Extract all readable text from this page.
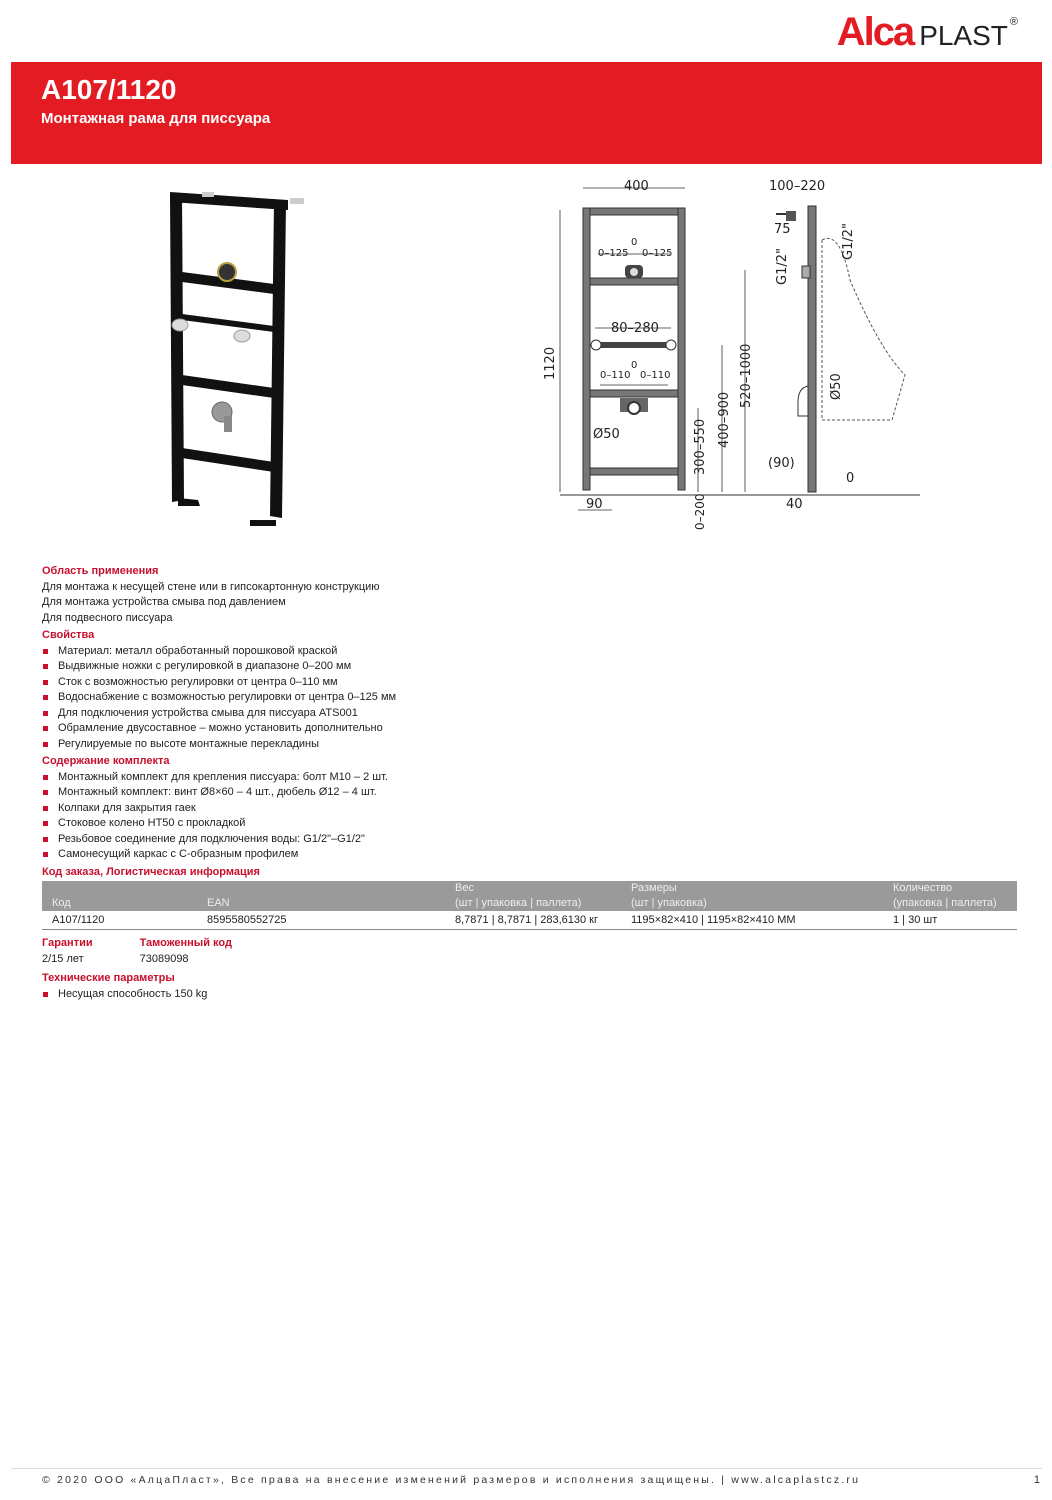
Alca PLAST ®
A107/1120
Монтажная рама для писсуара
400
1120
0–125 0–125
0
80–280
0
0–110 0–110
Ø50
90	0–200
300–550 400–900
520–1000
100–220
75	G1/2"
G1/2"
Ø50
(90)
0
40
Область применения

Для монтажа к несущей стене или в гипсокартонную конструкцию

Для монтажа устройства смыва под давлением

Для подвесного писсуара

Свойства
Материал: металл обработанный порошковой краской
Выдвижные ножки с регулировкой в диапазоне 0–200 мм
Сток с возможностью регулировки от центра 0–110 мм
Водоснабжение с возможностью регулировки от центра 0–125 мм
Для подключения устройства смыва для писсуара ATS001
Обрамление двусоставное – можно установить дополнительно
Регулируемые по высоте монтажные перекладины
Содержание комплекта
Монтажный комплект для крепления писсуара: болт М10 – 2 шт.
Монтажный комплект: винт Ø8×60 – 4 шт., дюбель Ø12 – 4 шт.
Колпаки для закрытия гаек
Стоковое колено HT50 с прокладкой
Резьбовое соединение для подключения воды: G1/2"–G1/2"
Самонесущий каркас с С-образным профилем
Код заказа, Логистическая информация
		Вес	Размеры	Количество
Код	EAN	(шт | упаковка | паллета)	(шт | упаковка)	(упаковка | паллета)
A107/1120	8595580552725	8,7871 | 8,7871 | 283,6130 кг	1195×82×410 | 1195×82×410 MM	1 | 30 шт
Гарантии
2/15 лет
Таможенный код
73089098
Технические параметры
Несущая способность 150 kg
© 2020 ООО «АлцаПласт», Все права на внесение изменений размеров и исполнения защищены. | www.alcaplastcz.ru	1
